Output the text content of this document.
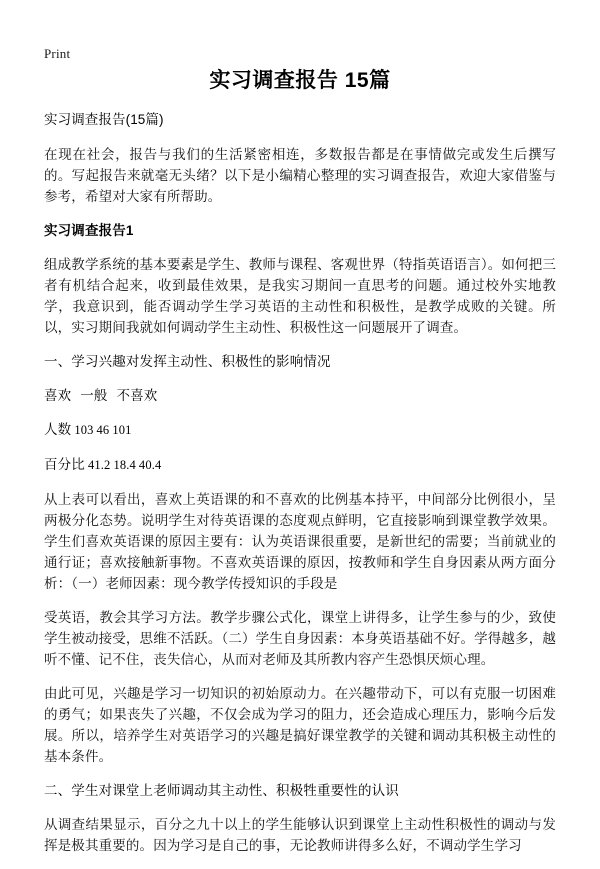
Print
实习调查报告 15篇
实习调查报告(15篇)

在现在社会，报告与我们的生活紧密相连，多数报告都是在事情做完或发生后撰写的。写起报告来就毫无头绪？以下是小编精心整理的实习调查报告，欢迎大家借鉴与参考，希望对大家有所帮助。

实习调查报告1

组成教学系统的基本要素是学生、教师与课程、客观世界（特指英语语言）。如何把三者有机结合起来，收到最佳效果，是我实习期间一直思考的问题。通过校外实地教学，我意识到，能否调动学生学习英语的主动性和积极性，是教学成败的关键。所以，实习期间我就如何调动学生主动性、积极性这一问题展开了调查。

一、学习兴趣对发挥主动性、积极性的影响情况
喜欢 一般 不喜欢
人数 103 46 101
百分比 41.2 18.4 40.4

从上表可以看出，喜欢上英语课的和不喜欢的比例基本持平，中间部分比例很小，呈两极分化态势。说明学生对待英语课的态度观点鲜明，它直接影响到课堂教学效果。学生们喜欢英语课的原因主要有：认为英语课很重要，是新世纪的需要；当前就业的通行证；喜欢接触新事物。不喜欢英语课的原因，按教师和学生自身因素从两方面分析：（一）老师因素：现今教学传授知识的手段是

受英语，教会其学习方法。教学步骤公式化，课堂上讲得多，让学生参与的少，致使学生被动接受，思维不活跃。（二）学生自身因素：本身英语基础不好。学得越多，越听不懂、记不住，丧失信心，从而对老师及其所教内容产生恐惧厌烦心理。

由此可见，兴趣是学习一切知识的初始原动力。在兴趣带动下，可以有克服一切困难的勇气；如果丧失了兴趣，不仅会成为学习的阻力，还会造成心理压力，影响今后发展。所以，培养学生对英语学习的兴趣是搞好课堂教学的关键和调动其积极主动性的基本条件。

二、学生对课堂上老师调动其主动性、积极牲重要性的认识

从调查结果显示，百分之九十以上的学生能够认识到课堂上主动性积极性的调动与发挥是极其重要的。因为学习是自己的事，无论教师讲得多么好，不调动学生学习
